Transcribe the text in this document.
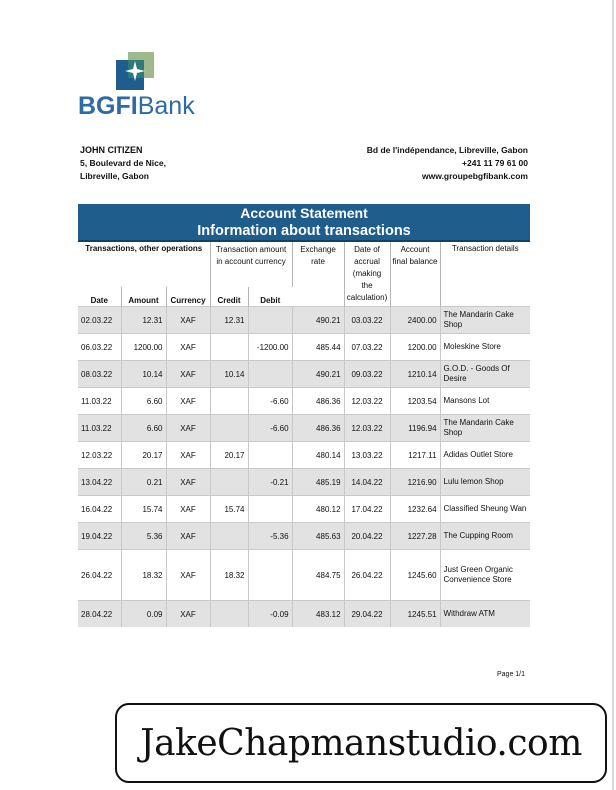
BGFIBank
JOHN CITIZEN
5, Boulevard de Nice,
Libreville, Gabon
Bd de l'indépendance, Libreville, Gabon
+241 11 79 61 00
www.groupebgfibank.com
Account Statement
Information about transactions
Transactions, other operations			Transaction amount in account currency		Exchange rate	Date of accrual (making the calculation)	Account final balance	Transaction details
Date	Amount	Currency	Credit	Debit				
02.03.22	12.31	XAF	12.31		490.21	03.03.22	2400.00	The Mandarin Cake Shop
06.03.22	1200.00	XAF		-1200.00	485.44	07.03.22	1200.00	Moleskine Store
08.03.22	10.14	XAF	10.14		490.21	09.03.22	1210.14	G.O.D. - Goods Of Desire
11.03.22	6.60	XAF		-6.60	486.36	12.03.22	1203.54	Mansons Lot
11.03.22	6.60	XAF		-6.60	486.36	12.03.22	1196.94	The Mandarin Cake Shop
12.03.22	20.17	XAF	20.17		480.14	13.03.22	1217.11	Adidas Outlet Store
13.04.22	0.21	XAF		-0.21	485.19	14.04.22	1216.90	Lulu lemon Shop
16.04.22	15.74	XAF	15.74		480.12	17.04.22	1232.64	Classified Sheung Wan
19.04.22	5.36	XAF		-5.36	485.63	20.04.22	1227.28	The Cupping Room
26.04.22	18.32	XAF	18.32		484.75	26.04.22	1245.60	Just Green Organic Convenience Store
28.04.22	0.09	XAF		-0.09	483.12	29.04.22	1245.51	Withdraw ATM
Page 1/1
JakeChapmanstudio.com
